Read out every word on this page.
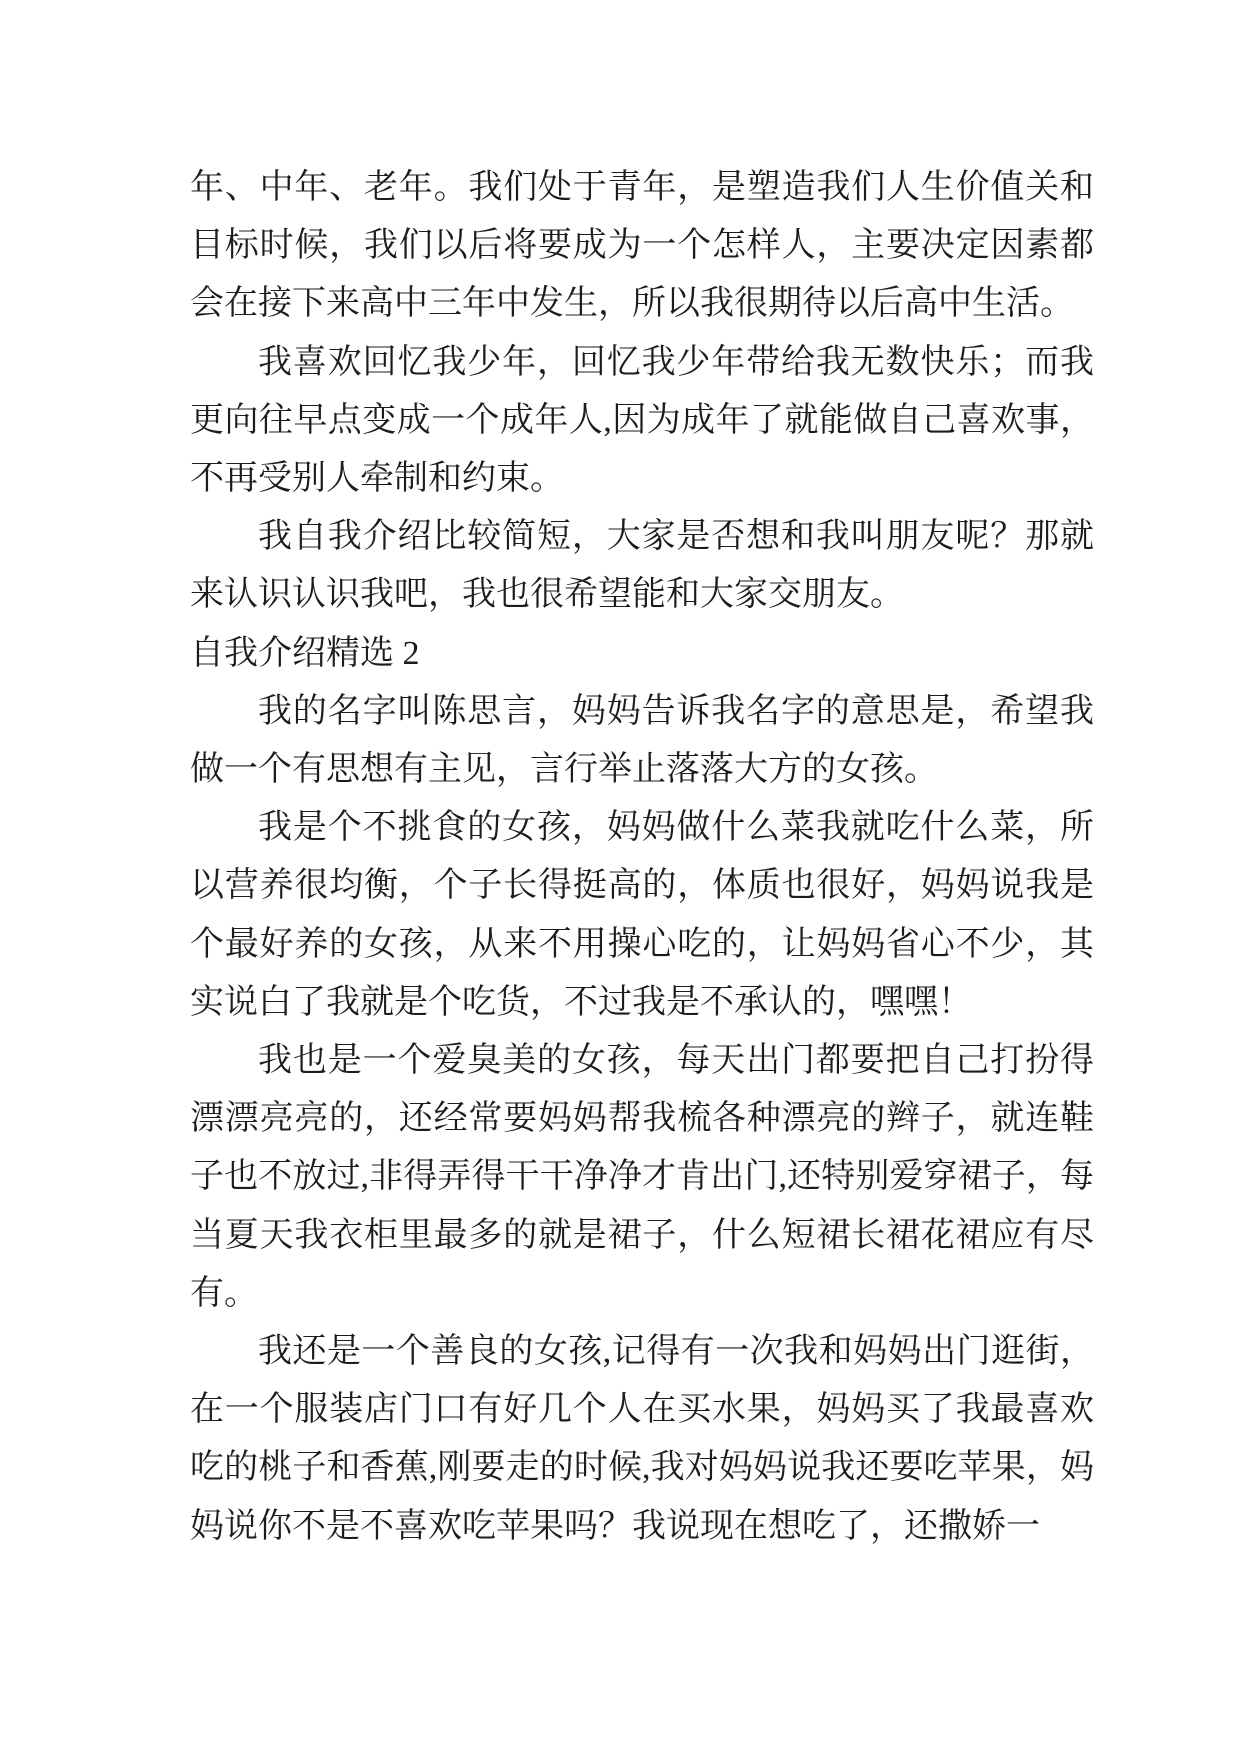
年、中年、老年。我们处于青年，是塑造我们人生价值关和目标时候，我们以后将要成为一个怎样人，主要决定因素都会在接下来高中三年中发生，所以我很期待以后高中生活。

我喜欢回忆我少年，回忆我少年带给我无数快乐；而我更向往早点变成一个成年人,因为成年了就能做自己喜欢事，不再受别人牵制和约束。

我自我介绍比较简短，大家是否想和我叫朋友呢？那就来认识认识我吧，我也很希望能和大家交朋友。

自我介绍精选 2

我的名字叫陈思言，妈妈告诉我名字的意思是，希望我做一个有思想有主见，言行举止落落大方的女孩。

我是个不挑食的女孩，妈妈做什么菜我就吃什么菜，所以营养很均衡，个子长得挺高的，体质也很好，妈妈说我是个最好养的女孩，从来不用操心吃的，让妈妈省心不少，其实说白了我就是个吃货，不过我是不承认的，嘿嘿！

我也是一个爱臭美的女孩，每天出门都要把自己打扮得漂漂亮亮的，还经常要妈妈帮我梳各种漂亮的辫子，就连鞋子也不放过,非得弄得干干净净才肯出门,还特别爱穿裙子，每当夏天我衣柜里最多的就是裙子，什么短裙长裙花裙应有尽有。

我还是一个善良的女孩,记得有一次我和妈妈出门逛街，在一个服装店门口有好几个人在买水果，妈妈买了我最喜欢吃的桃子和香蕉,刚要走的时候,我对妈妈说我还要吃苹果，妈妈说你不是不喜欢吃苹果吗？我说现在想吃了，还撒娇一
